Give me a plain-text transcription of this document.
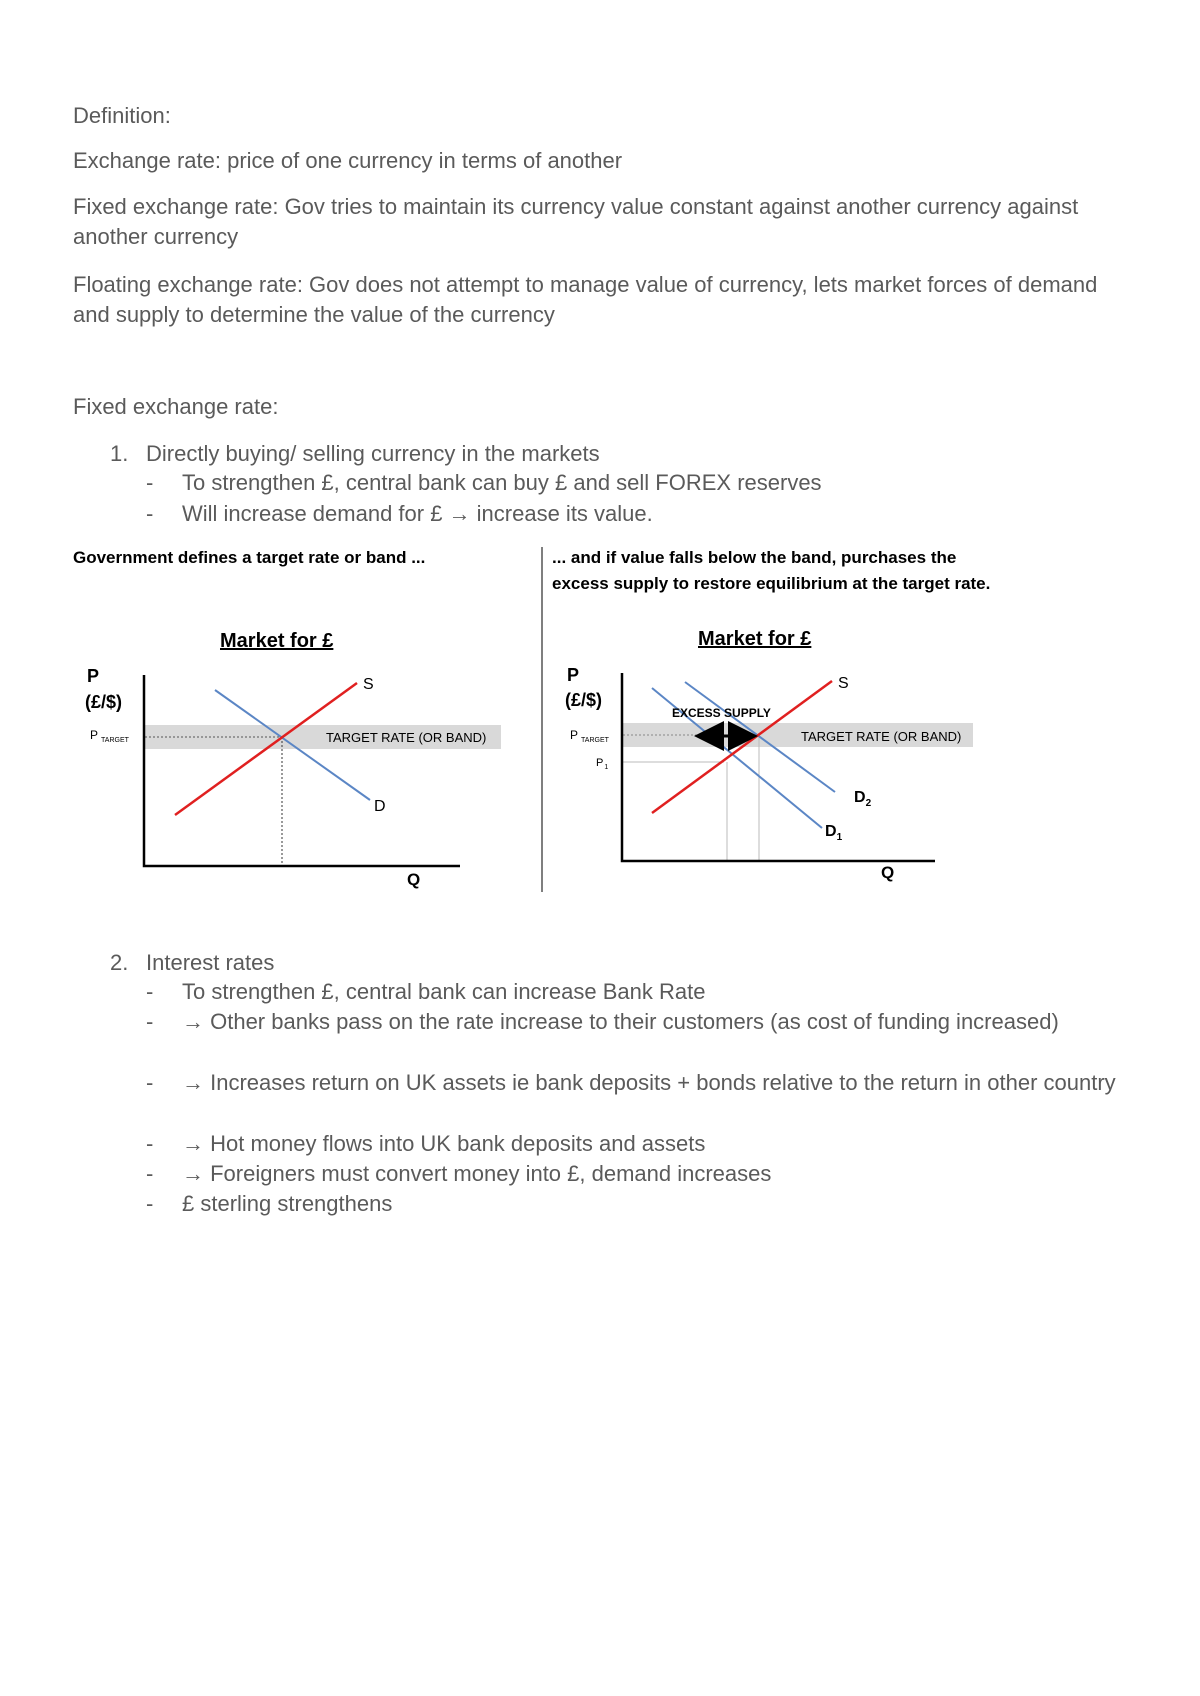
Definition:
Exchange rate: price of one currency in terms of another
Fixed exchange rate: Gov tries to maintain its currency value constant against another currency against another currency
Floating exchange rate: Gov does not attempt to manage value of currency, lets market forces of demand and supply to determine the value of the currency
Fixed exchange rate:
1. Directly buying/ selling currency in the markets
- To strengthen £, central bank can buy £ and sell FOREX reserves
- Will increase demand for £ → increase its value.
Government defines a target rate or band ...	... and if value falls below the band, purchases the
excess supply to restore equilibrium at the target rate.
Market for £
P
(£/$)
P $_{TARGET}$	TARGET RATE (OR BAND)
S
D
Q
Market for £
P
(£/$)
P $_{TARGET}$
$P_1$
TARGET RATE (OR BAND)
EXCESS SUPPLY
S
$D_2$
$D_1$
Q
2. Interest rates
- To strengthen £, central bank can increase Bank Rate
- → Other banks pass on the rate increase to their customers (as cost of funding increased)
- → Increases return on UK assets ie bank deposits + bonds relative to the return in other country
- → Hot money flows into UK bank deposits and assets
- → Foreigners must convert money into £, demand increases
- £ sterling strengthens
